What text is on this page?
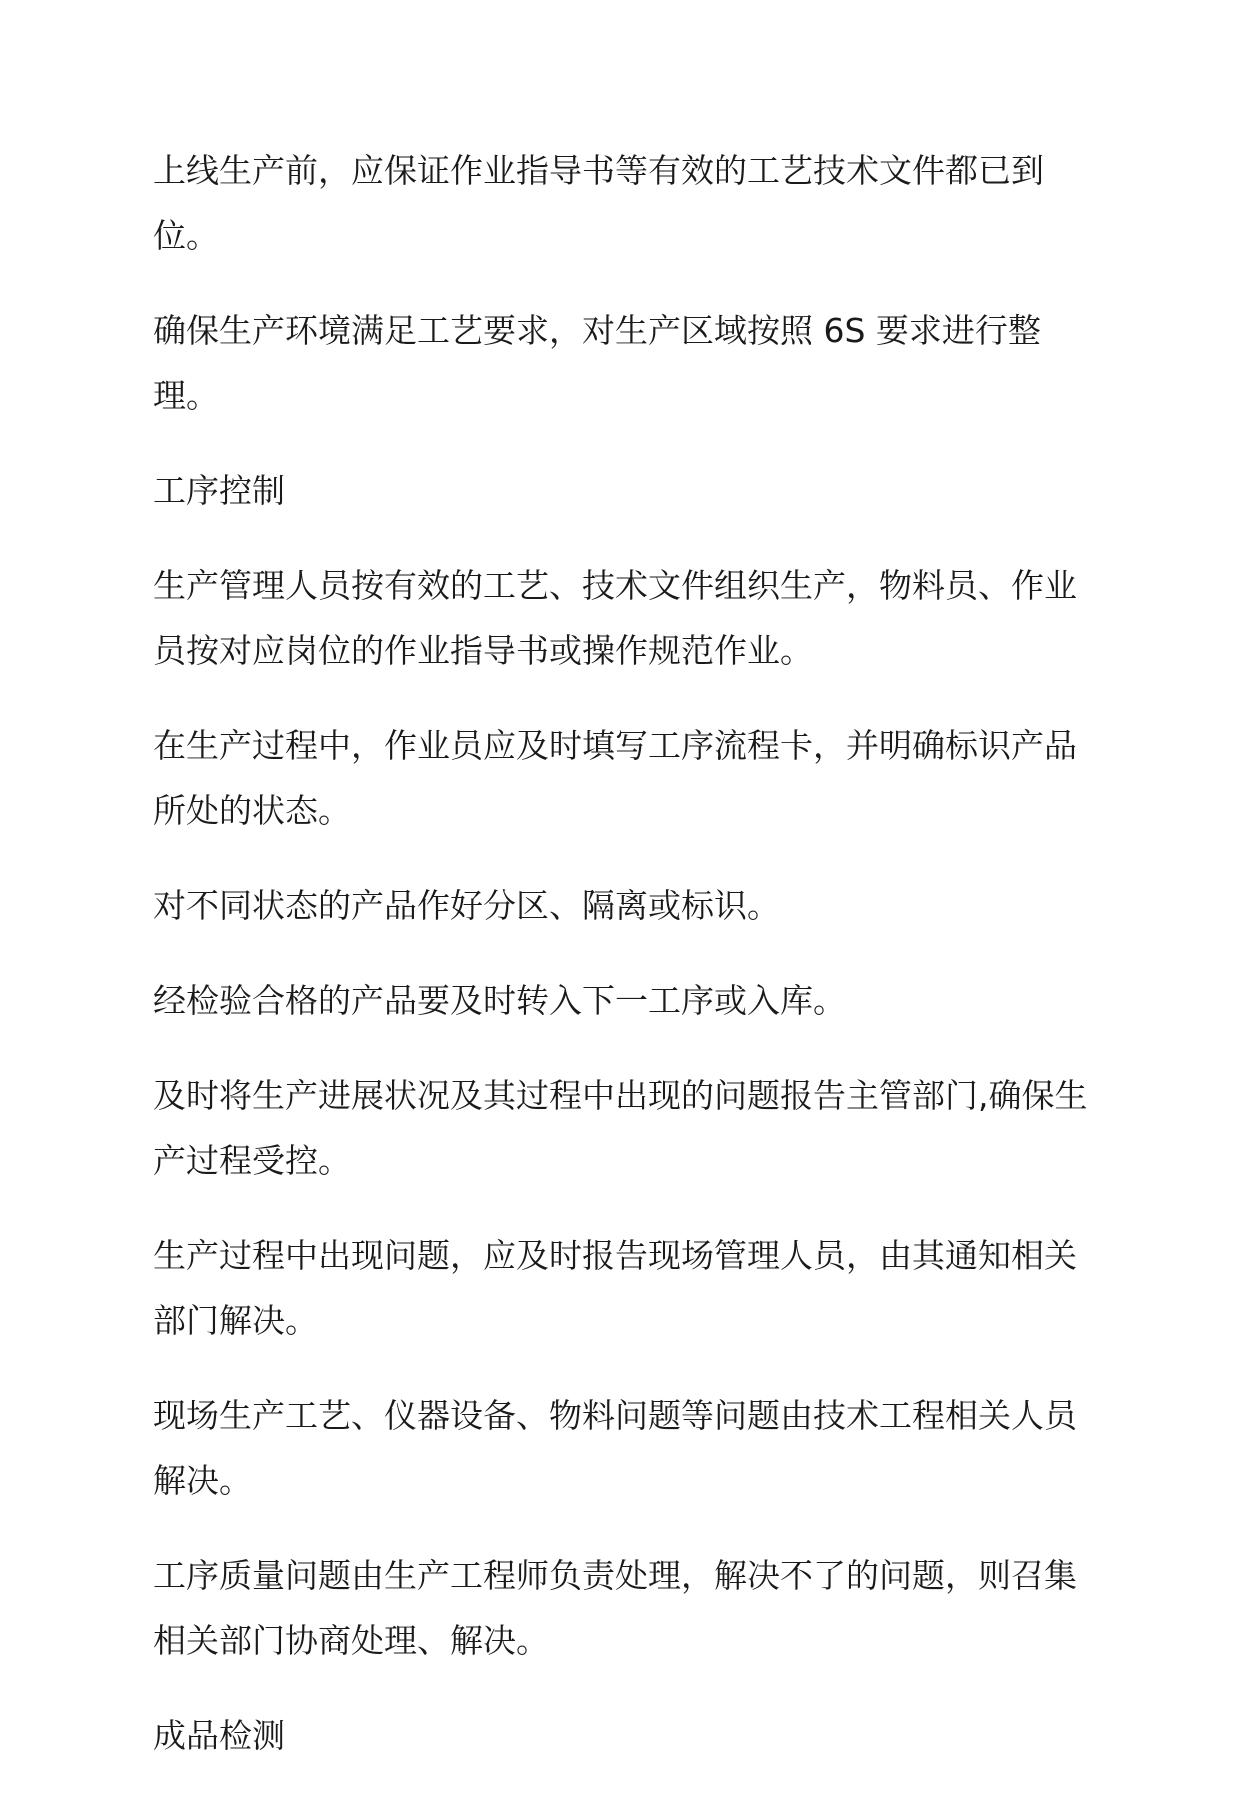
上线生产前，应保证作业指导书等有效的工艺技术文件都已到位。

确保生产环境满足工艺要求，对生产区域按照 6S 要求进行整理。

工序控制

生产管理人员按有效的工艺、技术文件组织生产，物料员、作业员按对应岗位的作业指导书或操作规范作业。

在生产过程中，作业员应及时填写工序流程卡，并明确标识产品所处的状态。

对不同状态的产品作好分区、隔离或标识。

经检验合格的产品要及时转入下一工序或入库。

及时将生产进展状况及其过程中出现的问题报告主管部门,确保生产过程受控。

生产过程中出现问题，应及时报告现场管理人员，由其通知相关部门解决。

现场生产工艺、仪器设备、物料问题等问题由技术工程相关人员解决。

工序质量问题由生产工程师负责处理，解决不了的问题，则召集相关部门协商处理、解决。

成品检测
